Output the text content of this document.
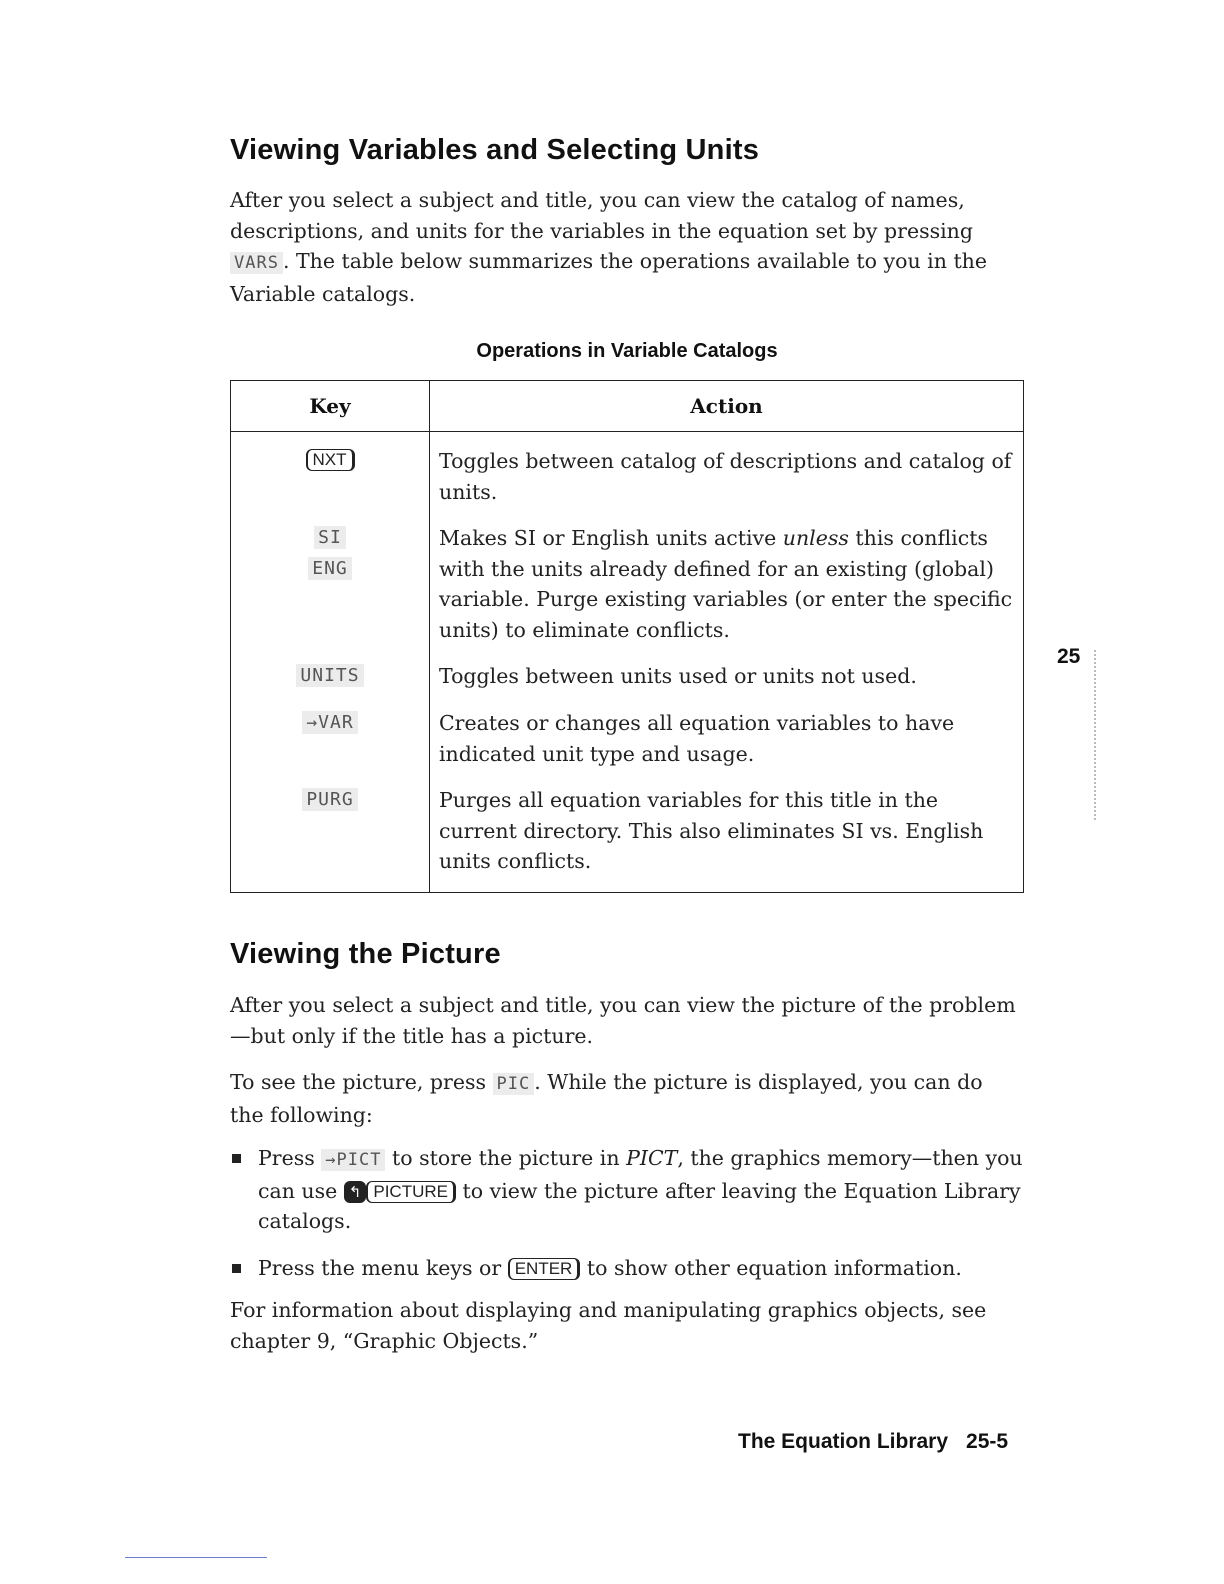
Viewing Variables and Selecting Units

After you select a subject and title, you can view the catalog of names, descriptions, and units for the variables in the equation set by pressing VARS . The table below summarizes the operations available to you in the Variable catalogs.

Operations in Variable Catalogs
Key	Action
NXT
SI
ENG
UNITS
→VAR
PURG
Toggles between catalog of descriptions and catalog of units.
Makes SI or English units active unless this conflicts with the units already defined for an existing (global) variable. Purge existing variables (or enter the specific units) to eliminate conflicts.
Toggles between units used or units not used.
Creates or changes all equation variables to have indicated unit type and usage.
Purges all equation variables for this title in the current directory. This also eliminates SI vs. English units conflicts.
Viewing the Picture

After you select a subject and title, you can view the picture of the problem—but only if the title has a picture.

To see the picture, press PIC . While the picture is displayed, you can do the following:

Press →PICT to store the picture in PICT, the graphics memory—then you can use ↰ PICTURE to view the picture after leaving the Equation Library catalogs.
Press the menu keys or ENTER to show other equation information.

For information about displaying and manipulating graphics objects, see chapter 9, “Graphic Objects.”

25
The Equation Library 25-5
